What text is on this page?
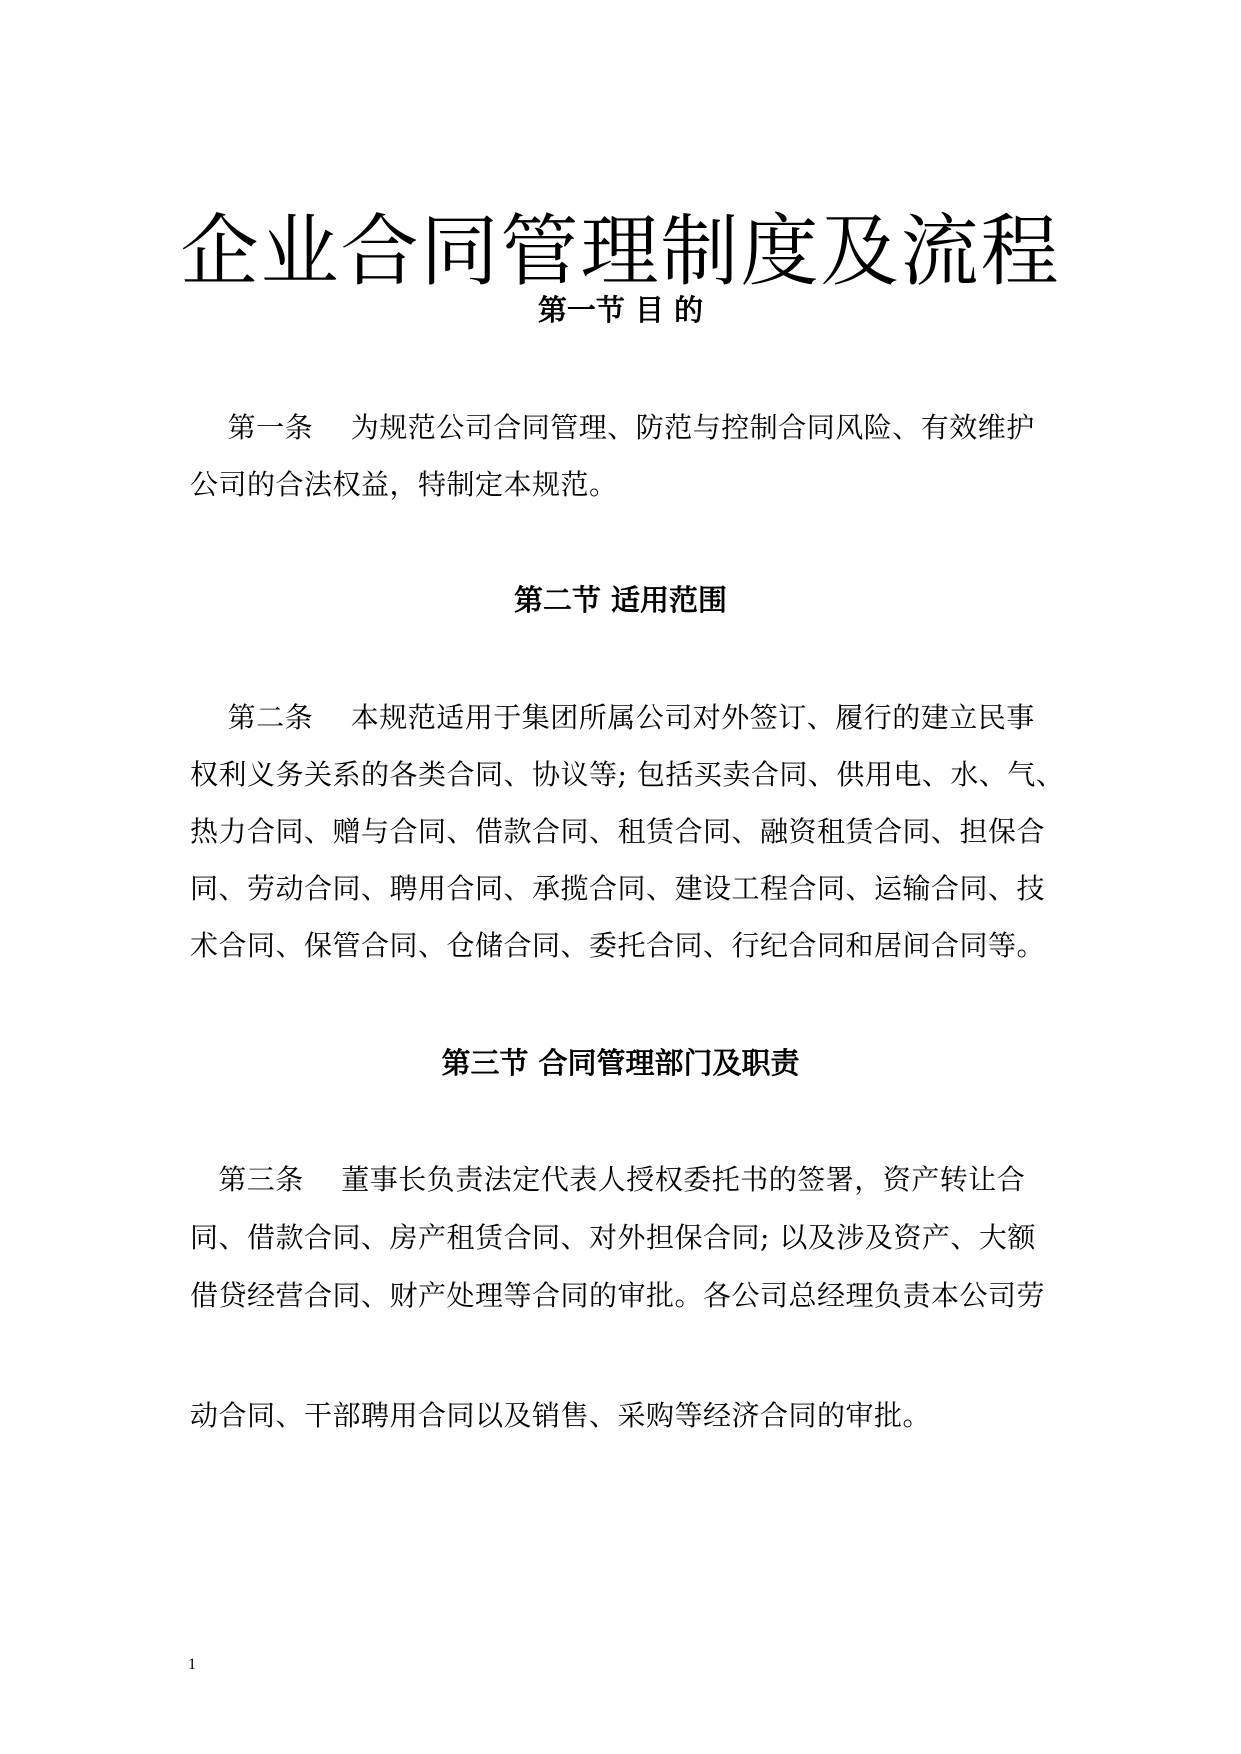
企业合同管理制度及流程
第一节 目 的
第一条    为规范公司合同管理、防范与控制合同风险、有效维护
公司的合法权益，特制定本规范。
第二节 适用范围
第二条    本规范适用于集团所属公司对外签订、履行的建立民事
权利义务关系的各类合同、协议等; 包括买卖合同、供用电、水、气、
热力合同、赠与合同、借款合同、租赁合同、融资租赁合同、担保合
同、劳动合同、聘用合同、承揽合同、建设工程合同、运输合同、技
术合同、保管合同、仓储合同、委托合同、行纪合同和居间合同等。
第三节 合同管理部门及职责
第三条    董事长负责法定代表人授权委托书的签署，资产转让合
同、借款合同、房产租赁合同、对外担保合同; 以及涉及资产、大额
借贷经营合同、财产处理等合同的审批。各公司总经理负责本公司劳
动合同、干部聘用合同以及销售、采购等经济合同的审批。
1
